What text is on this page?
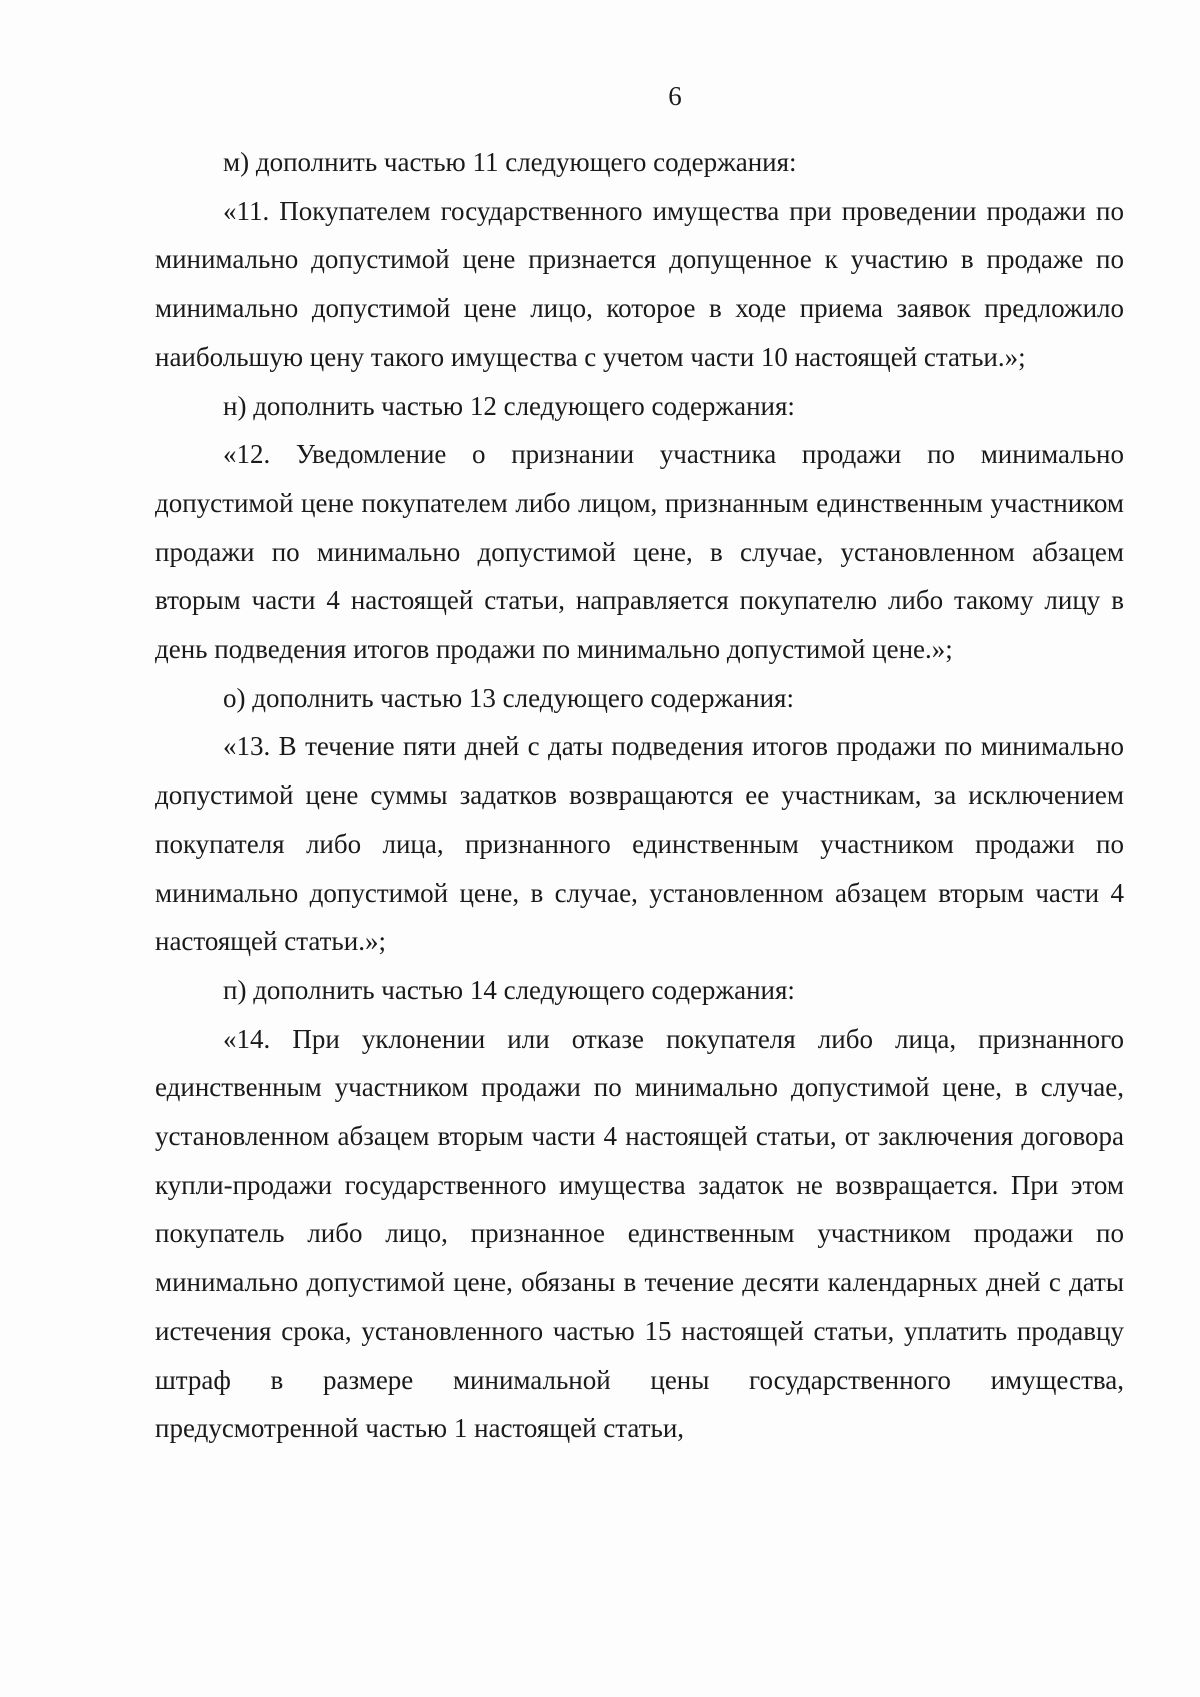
6

м) дополнить частью 11 следующего содержания:

«11. Покупателем государственного имущества при проведении продажи по минимально допустимой цене признается допущенное к участию в продаже по минимально допустимой цене лицо, которое в ходе приема заявок предложило наибольшую цену такого имущества с учетом части 10 настоящей статьи.»;

н) дополнить частью 12 следующего содержания:

«12. Уведомление о признании участника продажи по минимально допустимой цене покупателем либо лицом, признанным единственным участником продажи по минимально допустимой цене, в случае, установленном абзацем вторым части 4 настоящей статьи, направляется покупателю либо такому лицу в день подведения итогов продажи по минимально допустимой цене.»;

о) дополнить частью 13 следующего содержания:

«13. В течение пяти дней с даты подведения итогов продажи по минимально допустимой цене суммы задатков возвращаются ее участникам, за исключением покупателя либо лица, признанного единственным участником продажи по минимально допустимой цене, в случае, установленном абзацем вторым части 4 настоящей статьи.»;

п) дополнить частью 14 следующего содержания:

«14. При уклонении или отказе покупателя либо лица, признанного единственным участником продажи по минимально допустимой цене, в случае, установленном абзацем вторым части 4 настоящей статьи, от заключения договора купли-продажи государственного имущества задаток не возвращается. При этом покупатель либо лицо, признанное единственным участником продажи по минимально допустимой цене, обязаны в течение десяти календарных дней с даты истечения срока, установленного частью 15 настоящей статьи, уплатить продавцу штраф в размере минимальной цены государственного имущества, предусмотренной частью 1 настоящей статьи,
